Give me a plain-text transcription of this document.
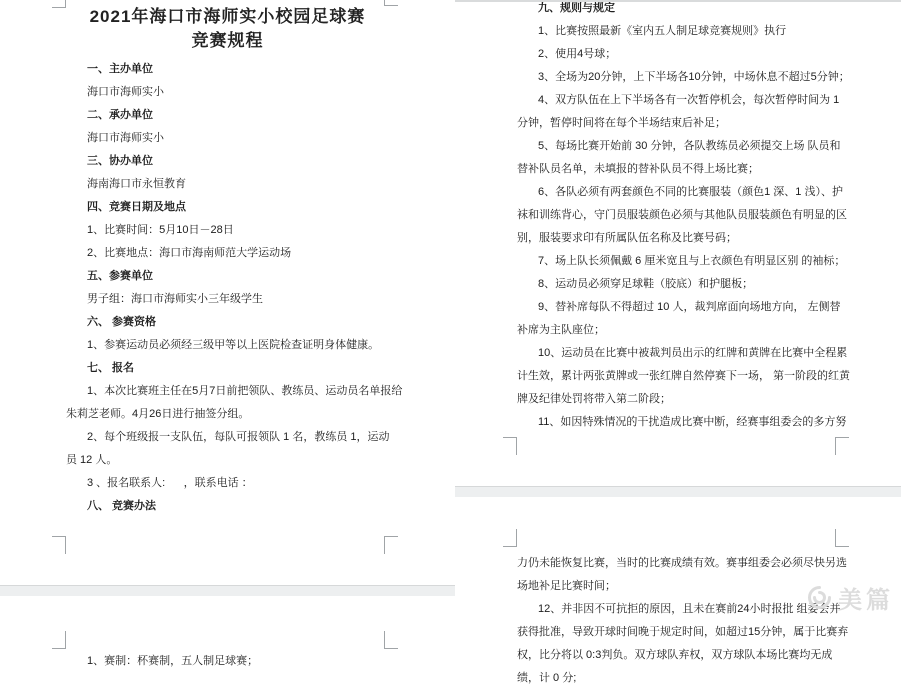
2021年海口市海师实小校园足球赛
竞赛规程
一、主办单位
海口市海师实小
二、承办单位
海口市海师实小
三、协办单位
海南海口市永恒教育
四、竞赛日期及地点
1、比赛时间：5月10日－28日
2、比赛地点：海口市海南师范大学运动场
五、参赛单位
男子组：海口市海师实小三年级学生
六、 参赛资格
1、参赛运动员必须经三级甲等以上医院检查证明身体健康。
七、 报名
1、本次比赛班主任在5月7日前把领队、教练员、运动员名单报给
朱莉芝老师。4月26日进行抽签分组。
2、每个班级报一支队伍，每队可报领队 1 名，教练员 1，运动
员 12 人。
3 、报名联系人:      ，联系电话 ：
八、 竞赛办法
1、赛制：杯赛制，五人制足球赛；
九、规则与规定
1、比赛按照最新《室内五人制足球竞赛规则》执行
2、使用4号球；
3、全场为20分钟，上下半场各10分钟，中场休息不超过5分钟；
4、双方队伍在上下半场各有一次暂停机会，每次暂停时间为 1
分钟，暂停时间将在每个半场结束后补足；
5、每场比赛开始前 30 分钟，各队教练员必须提交上场 队员和
替补队员名单，未填报的替补队员不得上场比赛；
6、各队必须有两套颜色不同的比赛服装（颜色1 深、1 浅）、护
袜和训练背心，守门员服装颜色必须与其他队员服装颜色有明显的区
别，服装要求印有所属队伍名称及比赛号码；
7、场上队长须佩戴 6 厘米宽且与上衣颜色有明显区别 的袖标；
8、运动员必须穿足球鞋（胶底）和护腿板；
9、替补席每队不得超过 10 人，裁判席面向场地方向， 左侧替
补席为主队座位；
10、运动员在比赛中被裁判员出示的红牌和黄牌在比赛中全程累
计生效，累计两张黄牌或一张红牌自然停赛下一场， 第一阶段的红黄
牌及纪律处罚将带入第二阶段；
11、如因特殊情况的干扰造成比赛中断，经赛事组委会的多方努
力仍未能恢复比赛，当时的比赛成绩有效。赛事组委会必须尽快另选
场地补足比赛时间；
12、并非因不可抗拒的原因，且未在赛前24小时报批 组委会并
获得批准，导致开球时间晚于规定时间，如超过15分钟，属于比赛弃
权，比分将以 0:3判负。双方球队弃权，双方球队本场比赛均无成
绩，计 0 分;
美篇
